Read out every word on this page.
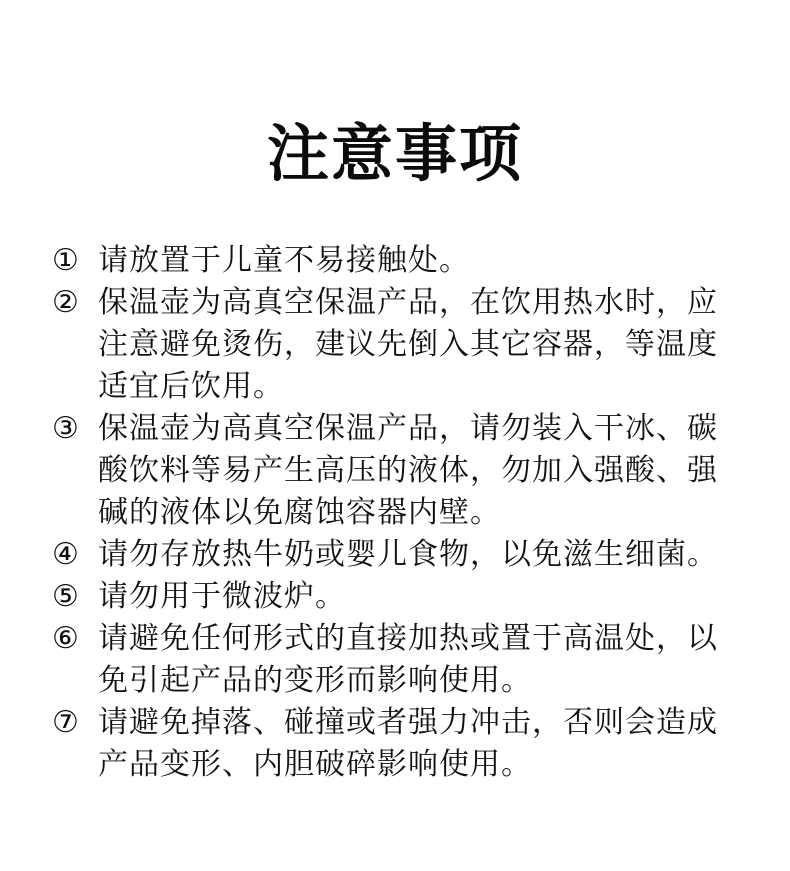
注意事项
① 请放置于儿童不易接触处。
② 保温壶为高真空保温产品，在饮用热水时，应注意避免烫伤，建议先倒入其它容器，等温度适宜后饮用。
③ 保温壶为高真空保温产品，请勿装入干冰、碳酸饮料等易产生高压的液体，勿加入强酸、强碱的液体以免腐蚀容器内壁。
④ 请勿存放热牛奶或婴儿食物，以免滋生细菌。
⑤ 请勿用于微波炉。
⑥ 请避免任何形式的直接加热或置于高温处，以免引起产品的变形而影响使用。
⑦ 请避免掉落、碰撞或者强力冲击，否则会造成产品变形、内胆破碎影响使用。
